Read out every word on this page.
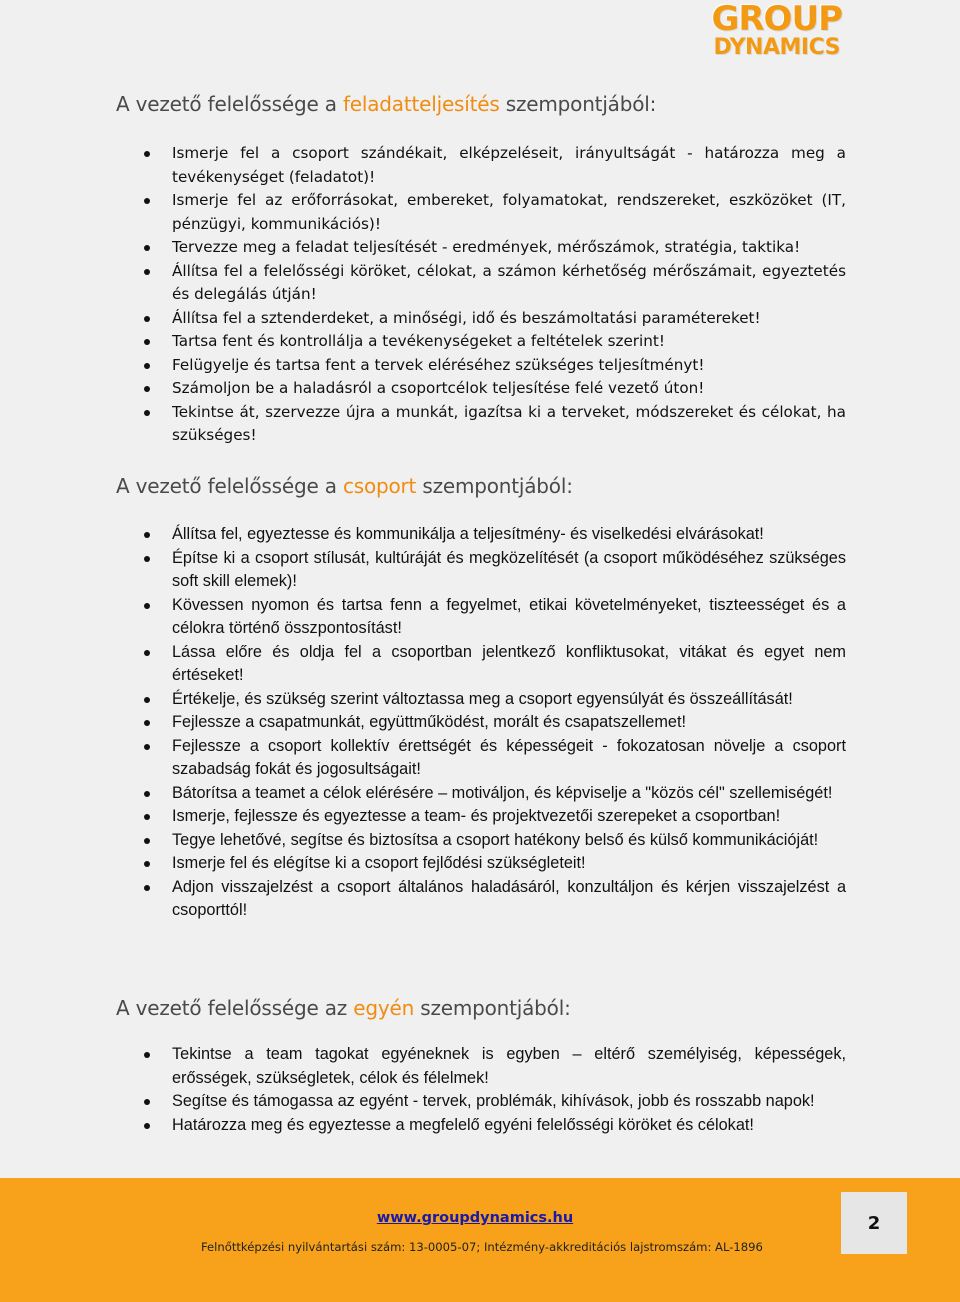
GROUP
DYNAMICS
A vezető felelőssége a feladatteljesítés szempontjából:
Ismerje fel a csoport szándékait, elképzeléseit, irányultságát - határozza meg a tevékenységet (feladatot)!
Ismerje fel az erőforrásokat, embereket, folyamatokat, rendszereket, eszközöket (IT, pénzügyi, kommunikációs)!
Tervezze meg a feladat teljesítését - eredmények, mérőszámok, stratégia, taktika!
Állítsa fel a felelősségi köröket, célokat, a számon kérhetőség mérőszámait, egyeztetés és delegálás útján!
Állítsa fel a sztenderdeket, a minőségi, idő és beszámoltatási paramétereket!
Tartsa fent és kontrollálja a tevékenységeket a feltételek szerint!
Felügyelje és tartsa fent a tervek eléréséhez szükséges teljesítményt!
Számoljon be a haladásról a csoportcélok teljesítése felé vezető úton!
Tekintse át, szervezze újra a munkát, igazítsa ki a terveket, módszereket és célokat, ha szükséges!
A vezető felelőssége a csoport szempontjából:
Állítsa fel, egyeztesse és kommunikálja a teljesítmény- és viselkedési elvárásokat!
Építse ki a csoport stílusát, kultúráját és megközelítését (a csoport működéséhez szükséges soft skill elemek)!
Kövessen nyomon és tartsa fenn a fegyelmet, etikai követelményeket, tiszteességet és a célokra történő összpontosítást!
Lássa előre és oldja fel a csoportban jelentkező konfliktusokat, vitákat és egyet nem értéseket!
Értékelje, és szükség szerint változtassa meg a csoport egyensúlyát és összeállítását!
Fejlessze a csapatmunkát, együttműködést, morált és csapatszellemet!
Fejlessze a csoport kollektív érettségét és képességeit - fokozatosan növelje a csoport szabadság fokát és jogosultságait!
Bátorítsa a teamet a célok elérésére – motiváljon, és képviselje a "közös cél" szellemiségét!
Ismerje, fejlessze és egyeztesse a team- és projektvezetői szerepeket a csoportban!
Tegye lehetővé, segítse és biztosítsa a csoport hatékony belső és külső kommunikációját!
Ismerje fel és elégítse ki a csoport fejlődési szükségleteit!
Adjon visszajelzést a csoport általános haladásáról, konzultáljon és kérjen visszajelzést a csoporttól!
A vezető felelőssége az egyén szempontjából:
Tekintse a team tagokat egyéneknek is egyben – eltérő személyiség, képességek, erősségek, szükségletek, célok és félelmek!
Segítse és támogassa az egyént - tervek, problémák, kihívások, jobb és rosszabb napok!
Határozza meg és egyeztesse a megfelelő egyéni felelősségi köröket és célokat!
www.groupdynamics.hu
Felnőttképzési nyilvántartási szám: 13-0005-07; Intézmény-akkreditációs lajstromszám: AL-1896
2
